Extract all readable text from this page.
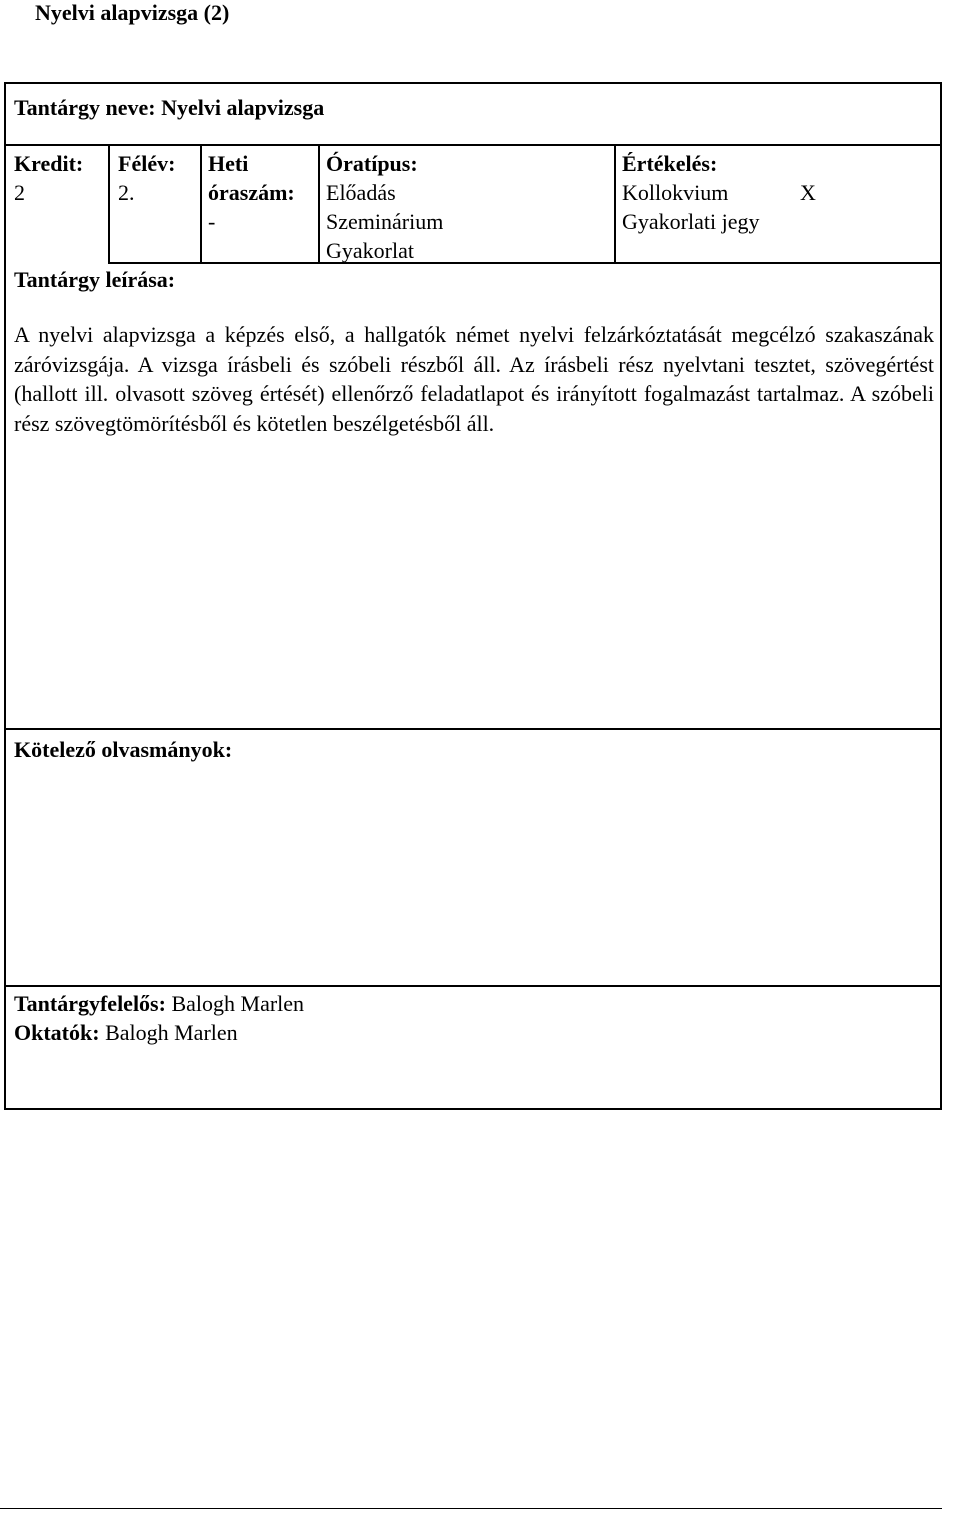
Nyelvi alapvizsga (2)
Tantárgy neve: Nyelvi alapvizsga
Kredit:
2
Félév:
2.
Heti
óraszám:
-
Óratípus:
Előadás
Szeminárium
Gyakorlat
Értékelés:
Kollokvium	X
Gyakorlati jegy
Tantárgy leírása:
A nyelvi alapvizsga a képzés első, a hallgatók német nyelvi felzárkóztatását megcélzó szakaszának záróvizsgája. A vizsga írásbeli és szóbeli részből áll. Az írásbeli rész nyelvtani tesztet, szövegértést (hallott ill. olvasott szöveg értését) ellenőrző feladatlapot és irányított fogalmazást tartalmaz. A szóbeli rész szövegtömörítésből és kötetlen beszélgetésből áll.
Kötelező olvasmányok:
Tantárgyfelelős: Balogh Marlen
Oktatók: Balogh Marlen
